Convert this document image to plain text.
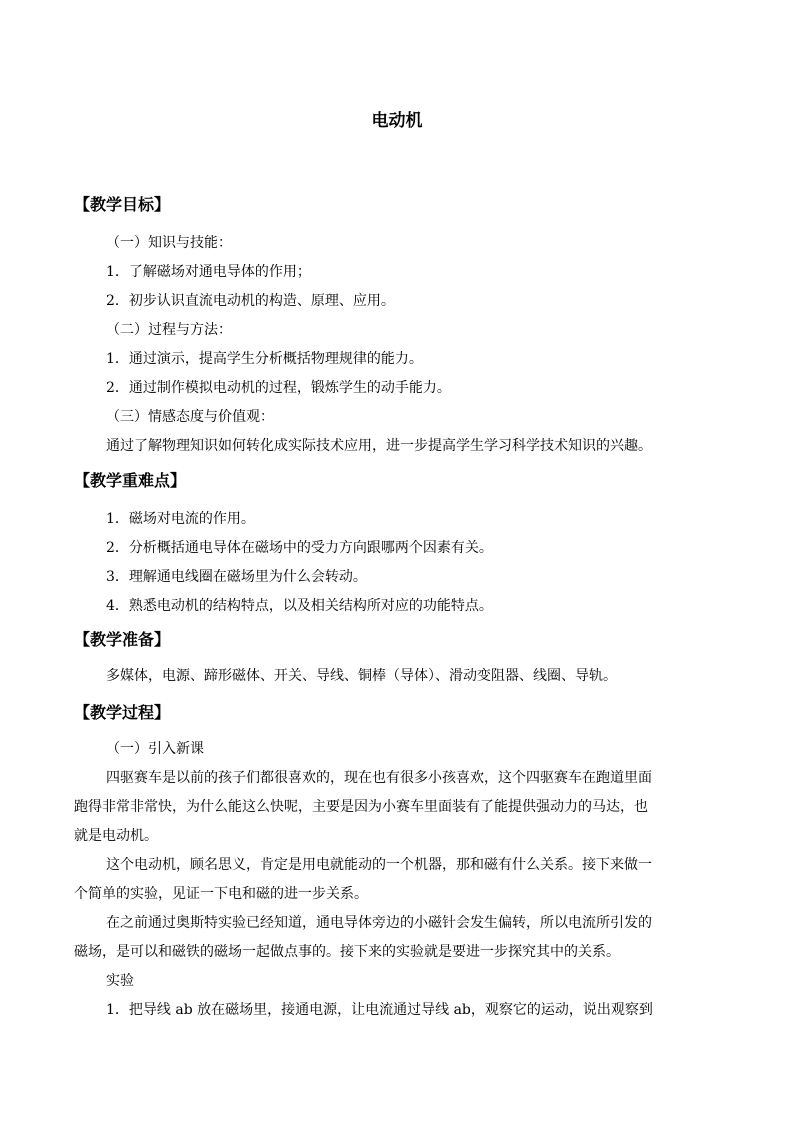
电动机
【教学目标】
（一）知识与技能：
1．了解磁场对通电导体的作用；
2．初步认识直流电动机的构造、原理、应用。
（二）过程与方法：
1．通过演示，提高学生分析概括物理规律的能力。
2．通过制作模拟电动机的过程，锻炼学生的动手能力。
（三）情感态度与价值观：
通过了解物理知识如何转化成实际技术应用，进一步提高学生学习科学技术知识的兴趣。
【教学重难点】
1．磁场对电流的作用。
2．分析概括通电导体在磁场中的受力方向跟哪两个因素有关。
3．理解通电线圈在磁场里为什么会转动。
4．熟悉电动机的结构特点，以及相关结构所对应的功能特点。
【教学准备】
多媒体，电源、蹄形磁体、开关、导线、铜棒（导体）、滑动变阻器、线圈、导轨。
【教学过程】
（一）引入新课
四驱赛车是以前的孩子们都很喜欢的，现在也有很多小孩喜欢，这个四驱赛车在跑道里面
跑得非常非常快，为什么能这么快呢，主要是因为小赛车里面装有了能提供强动力的马达，也
就是电动机。
这个电动机，顾名思义，肯定是用电就能动的一个机器，那和磁有什么关系。接下来做一
个简单的实验，见证一下电和磁的进一步关系。
在之前通过奥斯特实验已经知道，通电导体旁边的小磁针会发生偏转，所以电流所引发的
磁场，是可以和磁铁的磁场一起做点事的。接下来的实验就是要进一步探究其中的关系。
实验
1．把导线 ab 放在磁场里，接通电源，让电流通过导线 ab，观察它的运动，说出观察到
